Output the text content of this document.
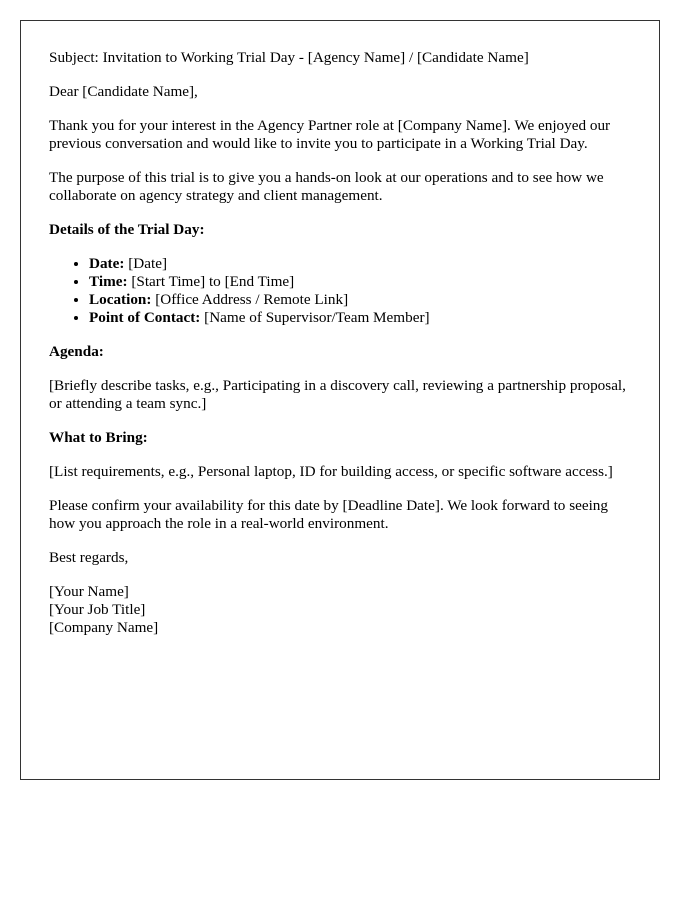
Subject: Invitation to Working Trial Day - [Agency Name] / [Candidate Name]

Dear [Candidate Name],

Thank you for your interest in the Agency Partner role at [Company Name]. We enjoyed our previous conversation and would like to invite you to participate in a Working Trial Day.

The purpose of this trial is to give you a hands-on look at our operations and to see how we collaborate on agency strategy and client management.

Details of the Trial Day:

• Date: [Date]
• Time: [Start Time] to [End Time]
• Location: [Office Address / Remote Link]
• Point of Contact: [Name of Supervisor/Team Member]

Agenda:

[Briefly describe tasks, e.g., Participating in a discovery call, reviewing a partnership proposal, or attending a team sync.]

What to Bring:

[List requirements, e.g., Personal laptop, ID for building access, or specific software access.]

Please confirm your availability for this date by [Deadline Date]. We look forward to seeing how you approach the role in a real-world environment.

Best regards,

[Your Name]

[Your Job Title]

[Company Name]
